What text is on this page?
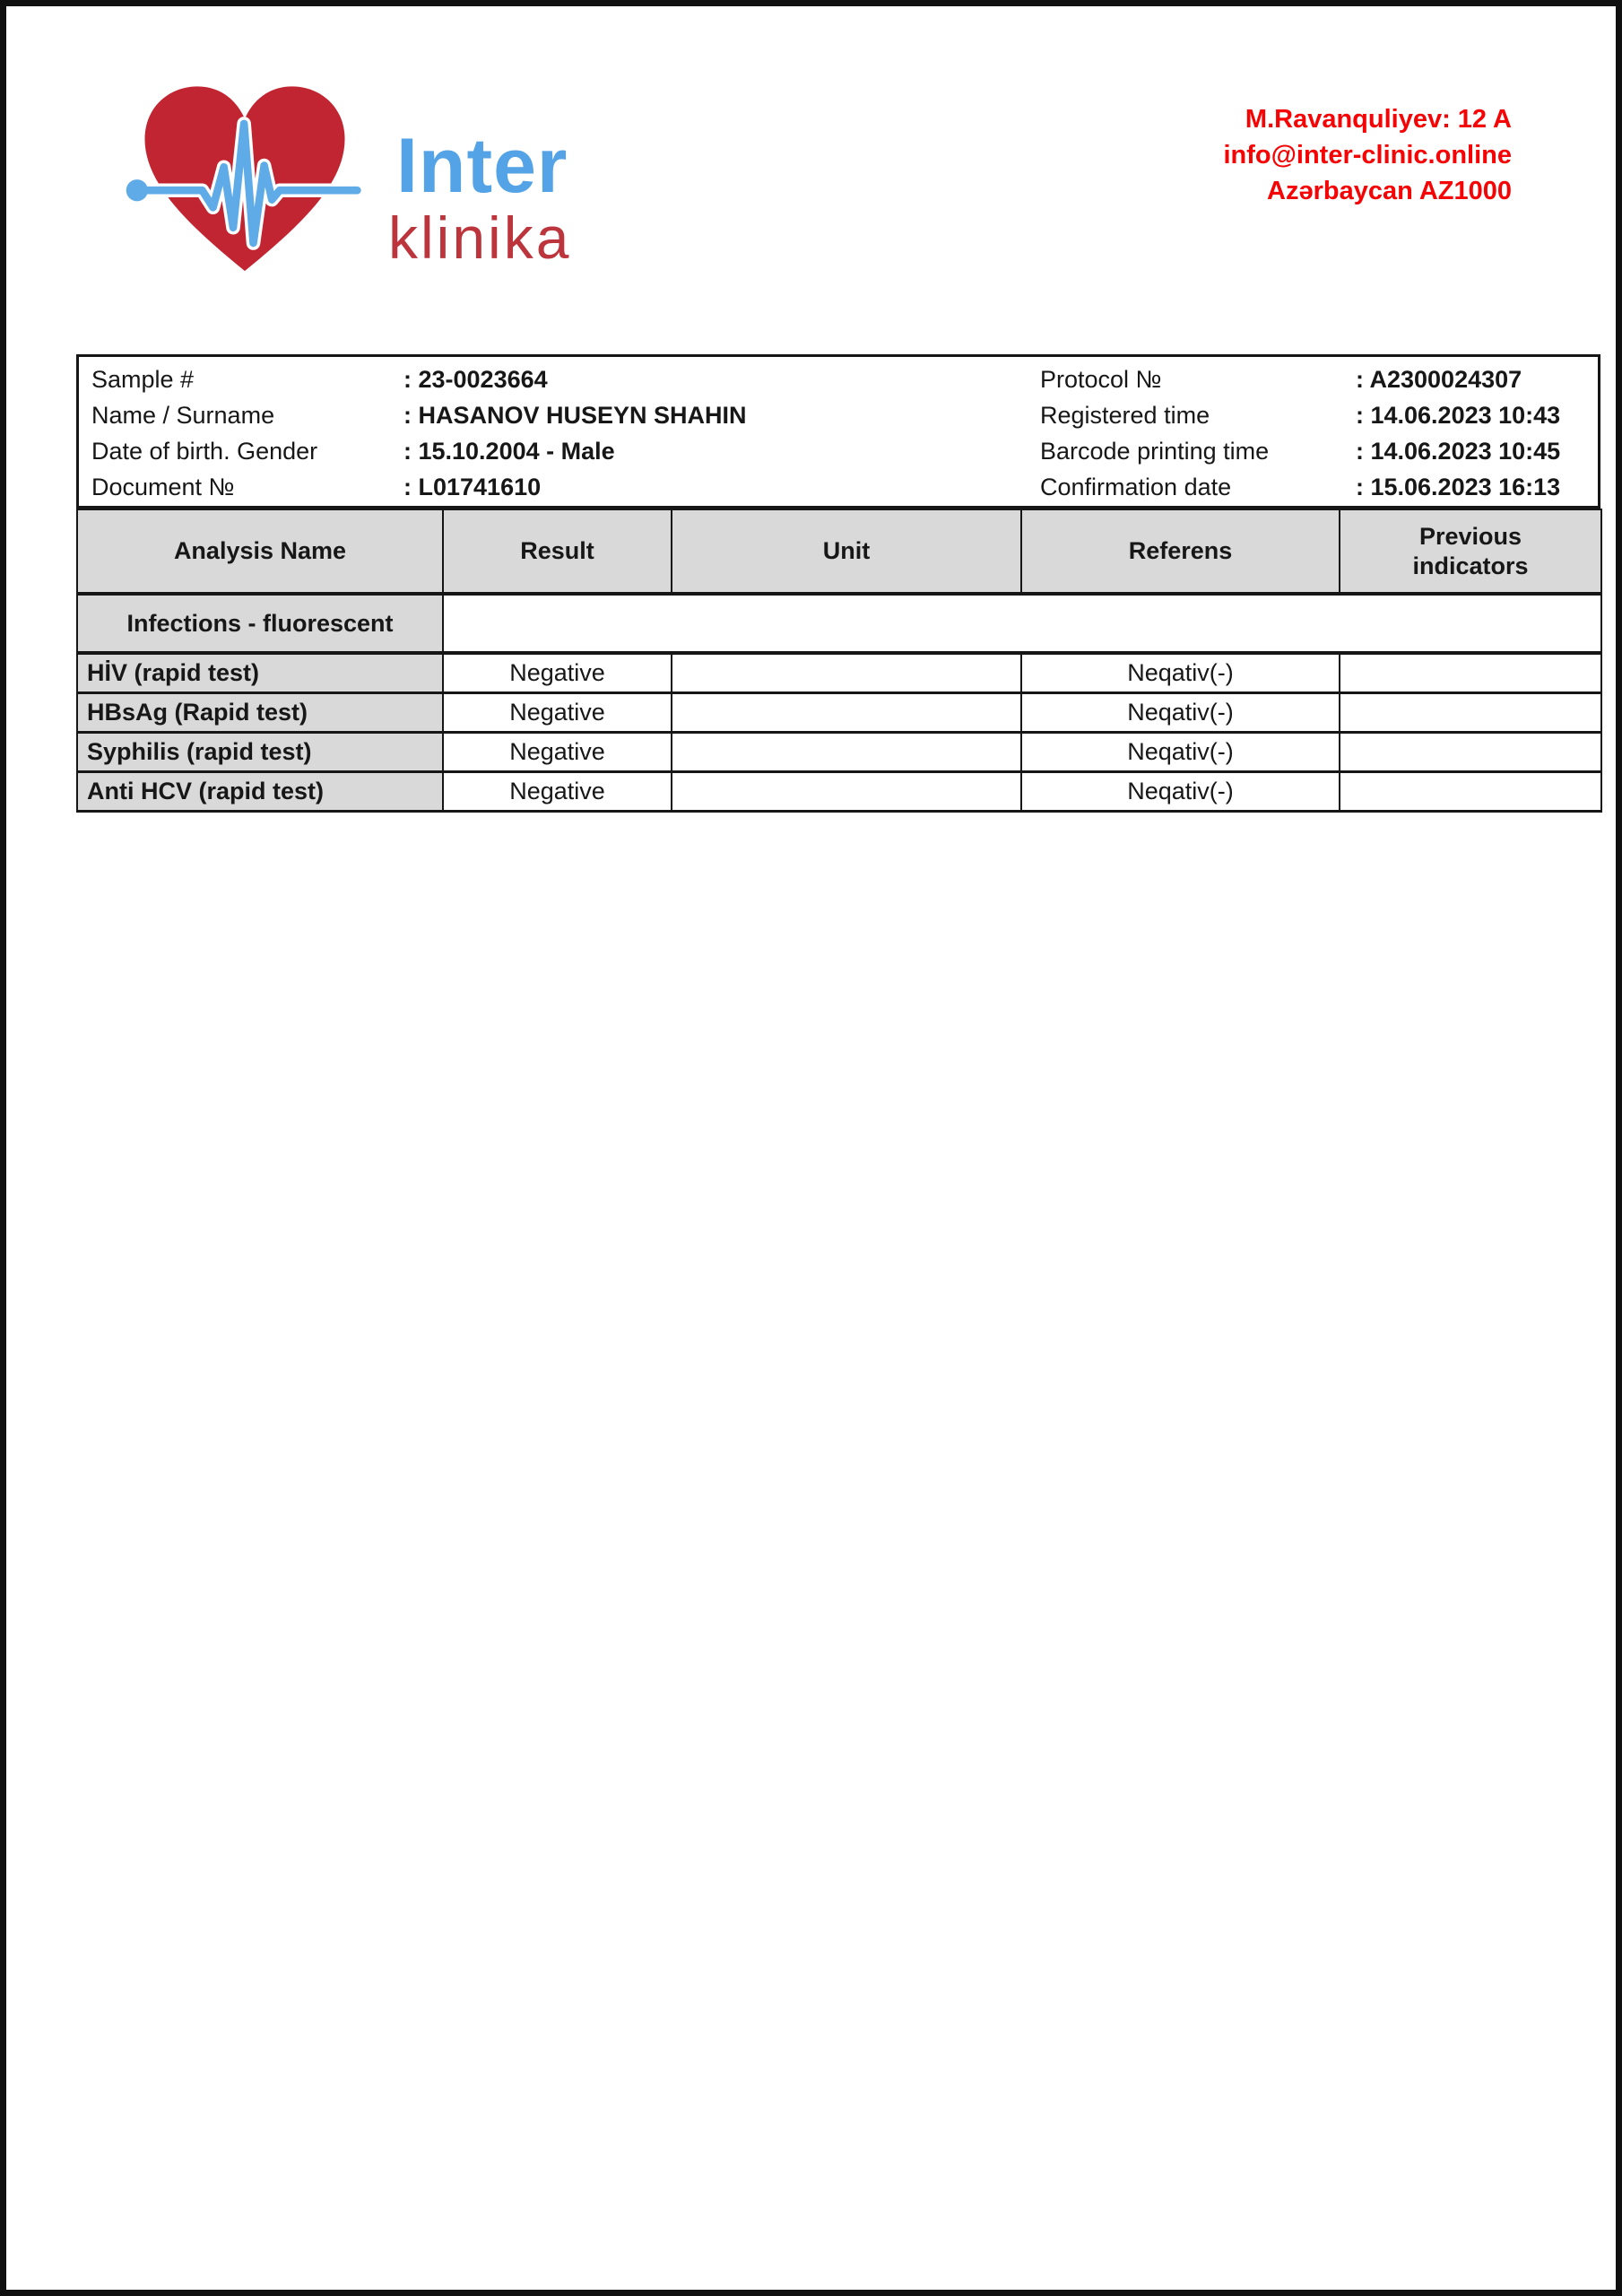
Inter
klinika
M.Ravanquliyev: 12 A
info@inter-clinic.online
Azərbaycan AZ1000
Sample #	: 23-0023664	Protocol №	: A2300024307
Name / Surname	: HASANOV HUSEYN SHAHIN	Registered time	: 14.06.2023 10:43
Date of birth. Gender	: 15.10.2004 - Male	Barcode printing time	: 14.06.2023 10:45
Document №	: L01741610	Confirmation date	: 15.06.2023 16:13
Analysis Name	Result	Unit	Referens	Previous indicators
Infections - fluorescent				
HİV (rapid test)	Negative		Neqativ(-)	
HBsAg (Rapid test)	Negative		Neqativ(-)	
Syphilis (rapid test)	Negative		Neqativ(-)	
Anti HCV (rapid test)	Negative		Neqativ(-)	
